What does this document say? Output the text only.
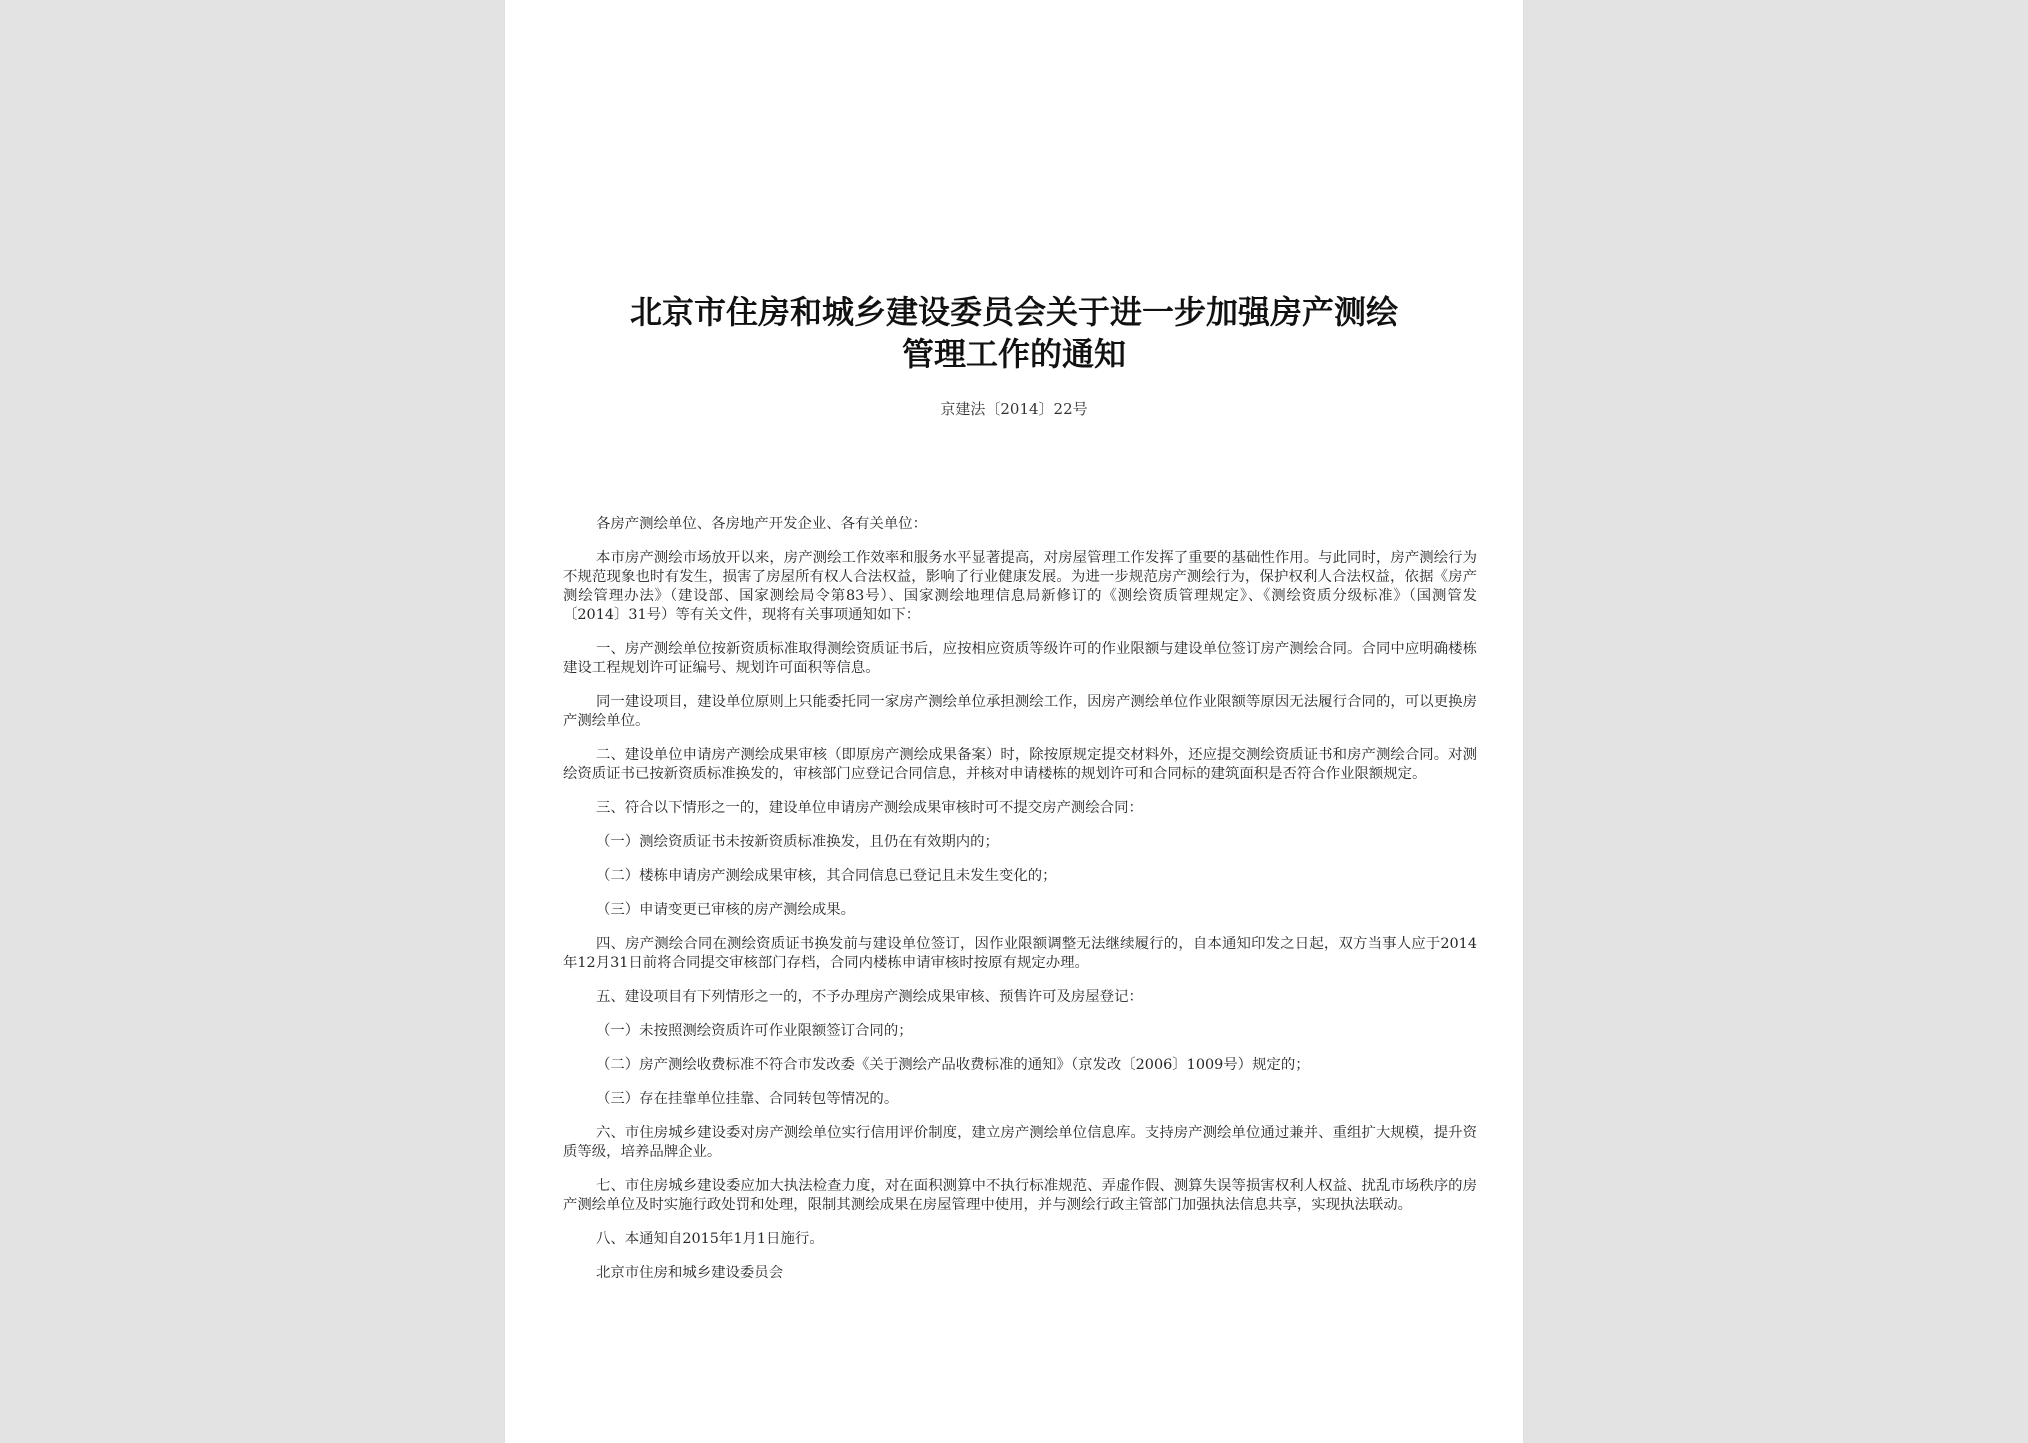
北京市住房和城乡建设委员会关于进一步加强房产测绘
管理工作的通知
京建法〔2014〕22号

各房产测绘单位、各房地产开发企业、各有关单位：

本市房产测绘市场放开以来，房产测绘工作效率和服务水平显著提高，对房屋管理工作发挥了重要的基础性作用。与此同时，房产测绘行为不规范现象也时有发生，损害了房屋所有权人合法权益，影响了行业健康发展。为进一步规范房产测绘行为，保护权利人合法权益，依据《房产测绘管理办法》（建设部、国家测绘局令第83号）、国家测绘地理信息局新修订的《测绘资质管理规定》、《测绘资质分级标准》（国测管发〔2014〕31号）等有关文件，现将有关事项通知如下：

一、房产测绘单位按新资质标准取得测绘资质证书后，应按相应资质等级许可的作业限额与建设单位签订房产测绘合同。合同中应明确楼栋建设工程规划许可证编号、规划许可面积等信息。

同一建设项目，建设单位原则上只能委托同一家房产测绘单位承担测绘工作，因房产测绘单位作业限额等原因无法履行合同的，可以更换房产测绘单位。

二、建设单位申请房产测绘成果审核（即原房产测绘成果备案）时，除按原规定提交材料外，还应提交测绘资质证书和房产测绘合同。对测绘资质证书已按新资质标准换发的，审核部门应登记合同信息，并核对申请楼栋的规划许可和合同标的建筑面积是否符合作业限额规定。

三、符合以下情形之一的，建设单位申请房产测绘成果审核时可不提交房产测绘合同：

（一）测绘资质证书未按新资质标准换发，且仍在有效期内的；

（二）楼栋申请房产测绘成果审核，其合同信息已登记且未发生变化的；

（三）申请变更已审核的房产测绘成果。

四、房产测绘合同在测绘资质证书换发前与建设单位签订，因作业限额调整无法继续履行的，自本通知印发之日起，双方当事人应于2014年12月31日前将合同提交审核部门存档，合同内楼栋申请审核时按原有规定办理。

五、建设项目有下列情形之一的，不予办理房产测绘成果审核、预售许可及房屋登记：

（一）未按照测绘资质许可作业限额签订合同的；

（二）房产测绘收费标准不符合市发改委《关于测绘产品收费标准的通知》（京发改〔2006〕1009号）规定的；

（三）存在挂靠单位挂靠、合同转包等情况的。

六、市住房城乡建设委对房产测绘单位实行信用评价制度，建立房产测绘单位信息库。支持房产测绘单位通过兼并、重组扩大规模，提升资质等级，培养品牌企业。

七、市住房城乡建设委应加大执法检查力度，对在面积测算中不执行标准规范、弄虚作假、测算失误等损害权利人权益、扰乱市场秩序的房产测绘单位及时实施行政处罚和处理，限制其测绘成果在房屋管理中使用，并与测绘行政主管部门加强执法信息共享，实现执法联动。

八、本通知自2015年1月1日施行。

北京市住房和城乡建设委员会
